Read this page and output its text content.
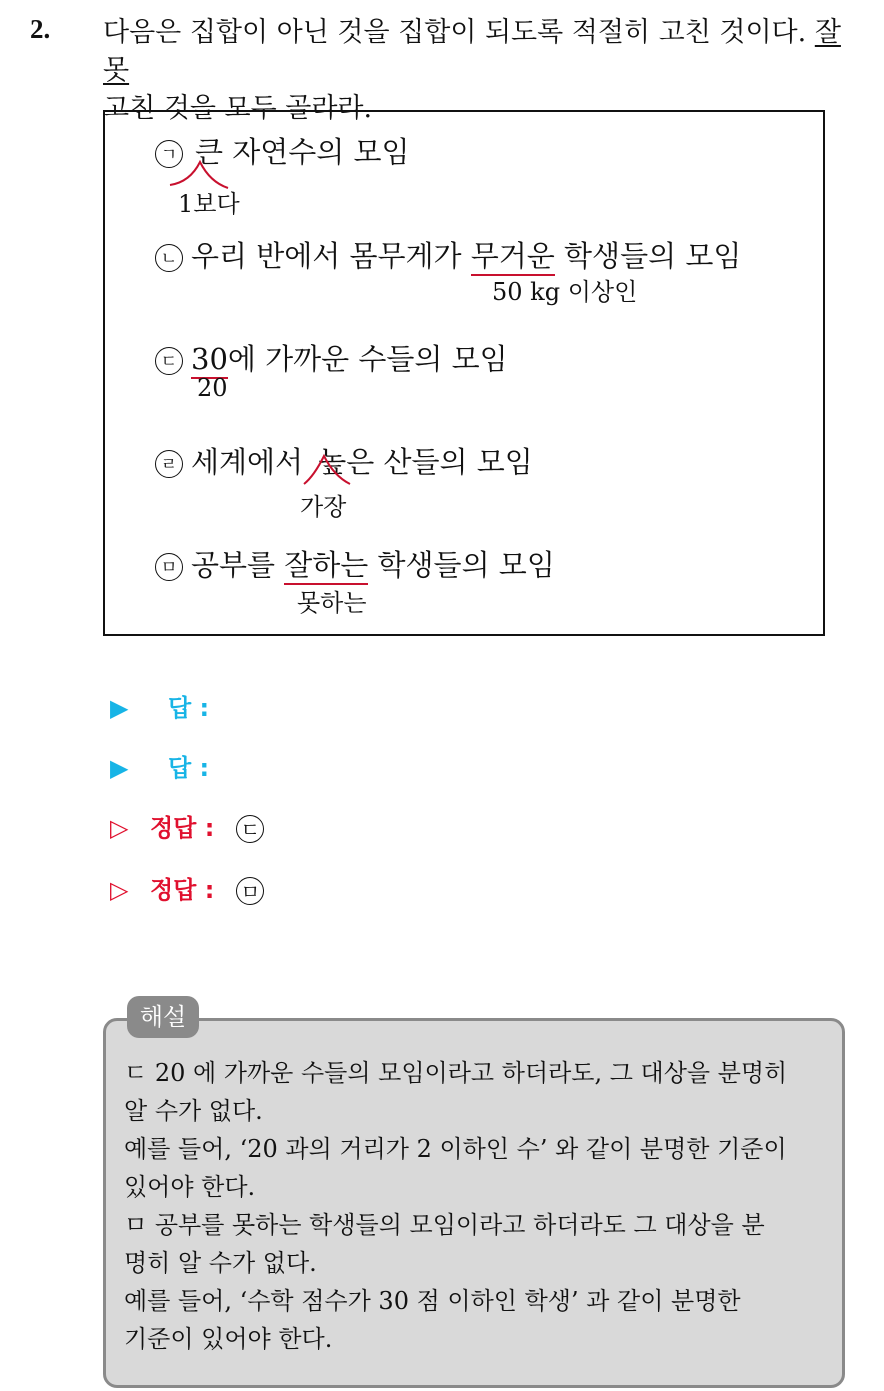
2. 다음은 집합이 아닌 것을 집합이 되도록 적절히 고친 것이다. 잘못
고친 것을 모두 골라라.
ㄱ 큰 자연수의 모임
1보다
ㄴ 우리 반에서 몸무게가 무거운 학생들의 모임
50 kg 이상인
ㄷ 30에 가까운 수들의 모임
20
ㄹ 세계에서 높은 산들의 모임
가장
ㅁ 공부를 잘하는 학생들의 모임
못하는
▶ 답 :
▶ 답 :
▷ 정답 : ㄷ
▷ 정답 : ㅁ
해설
ㄷ 20 에 가까운 수들의 모임이라고 하더라도, 그 대상을 분명히
알 수가 없다.
예를 들어, ‘20 과의 거리가 2 이하인 수’ 와 같이 분명한 기준이
있어야 한다.
ㅁ 공부를 못하는 학생들의 모임이라고 하더라도 그 대상을 분
명히 알 수가 없다.
예를 들어, ‘수학 점수가 30 점 이하인 학생’ 과 같이 분명한
기준이 있어야 한다.
